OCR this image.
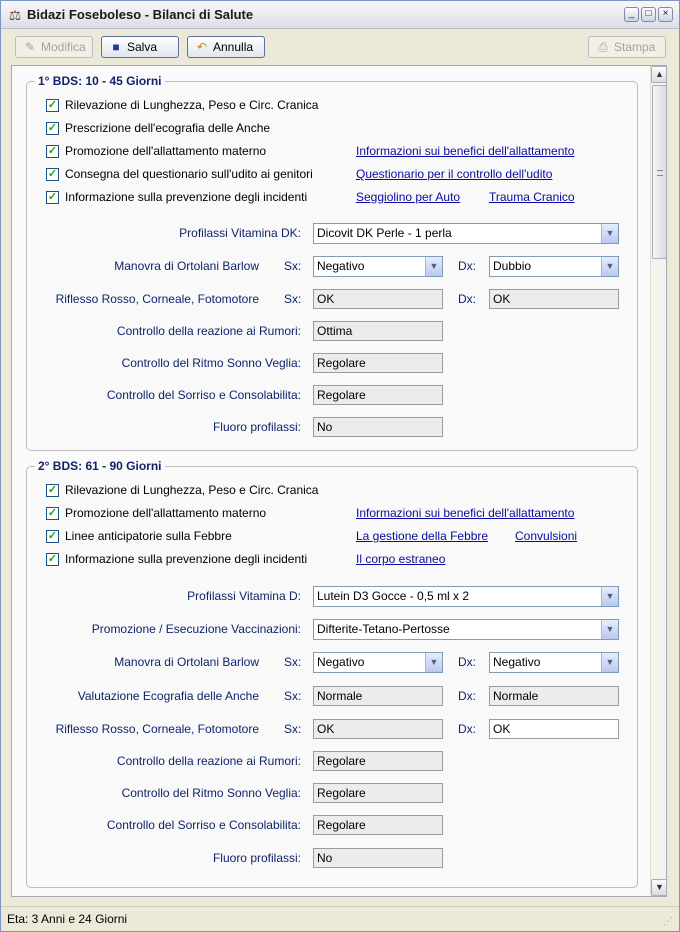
⚖ Bidazi Foseboleso - Bilanci di Salute	_	□	×
✎ Modifica	■ Salva	↶ Annulla	⎙ Stampa
1° BDS: 10 - 45 Giorni
✓ Rilevazione di Lunghezza, Peso e Circ. Cranica
✓ Prescrizione dell'ecografia delle Anche
✓ Promozione dell'allattamento materno
✓ Consegna del questionario sull'udito ai genitori
✓ Informazione sulla prevenzione degli incidenti
Informazioni sui benefici dell'allattamento
Questionario per il controllo dell'udito
Seggiolino per Auto Trauma Cranico
Profilassi Vitamina DK:	Dicovit DK Perle - 1 perla	▼
Manovra di Ortolani Barlow Sx:	Negativo	▼ Dx:	Dubbio	▼
Riflesso Rosso, Corneale, Fotomotore Sx:	OK	Dx:	OK
Controllo della reazione ai Rumori:	Ottima
Controllo del Ritmo Sonno Veglia:	Regolare
Controllo del Sorriso e Consolabilita:	Regolare
Fluoro profilassi:	No
2° BDS: 61 - 90 Giorni
✓ Rilevazione di Lunghezza, Peso e Circ. Cranica
✓ Promozione dell'allattamento materno
✓ Linee anticipatorie sulla Febbre
✓ Informazione sulla prevenzione degli incidenti
Informazioni sui benefici dell'allattamento
La gestione della Febbre Convulsioni
Il corpo estraneo
Profilassi Vitamina D:	Lutein D3 Gocce - 0,5 ml x 2	▼
Promozione / Esecuzione Vaccinazioni:	Difterite-Tetano-Pertosse	▼
Manovra di Ortolani Barlow Sx:	Negativo	▼ Dx:	Negativo	▼
Valutazione Ecografia delle Anche Sx:	Normale	Dx:	Normale
Riflesso Rosso, Corneale, Fotomotore Sx:	OK	Dx:	OK
Controllo della reazione ai Rumori:	Regolare
Controllo del Ritmo Sonno Veglia:	Regolare
Controllo del Sorriso e Consolabilita:	Regolare
Fluoro profilassi:	No
▲
▼
Eta: 3 Anni e 24 Giorni	⋰
